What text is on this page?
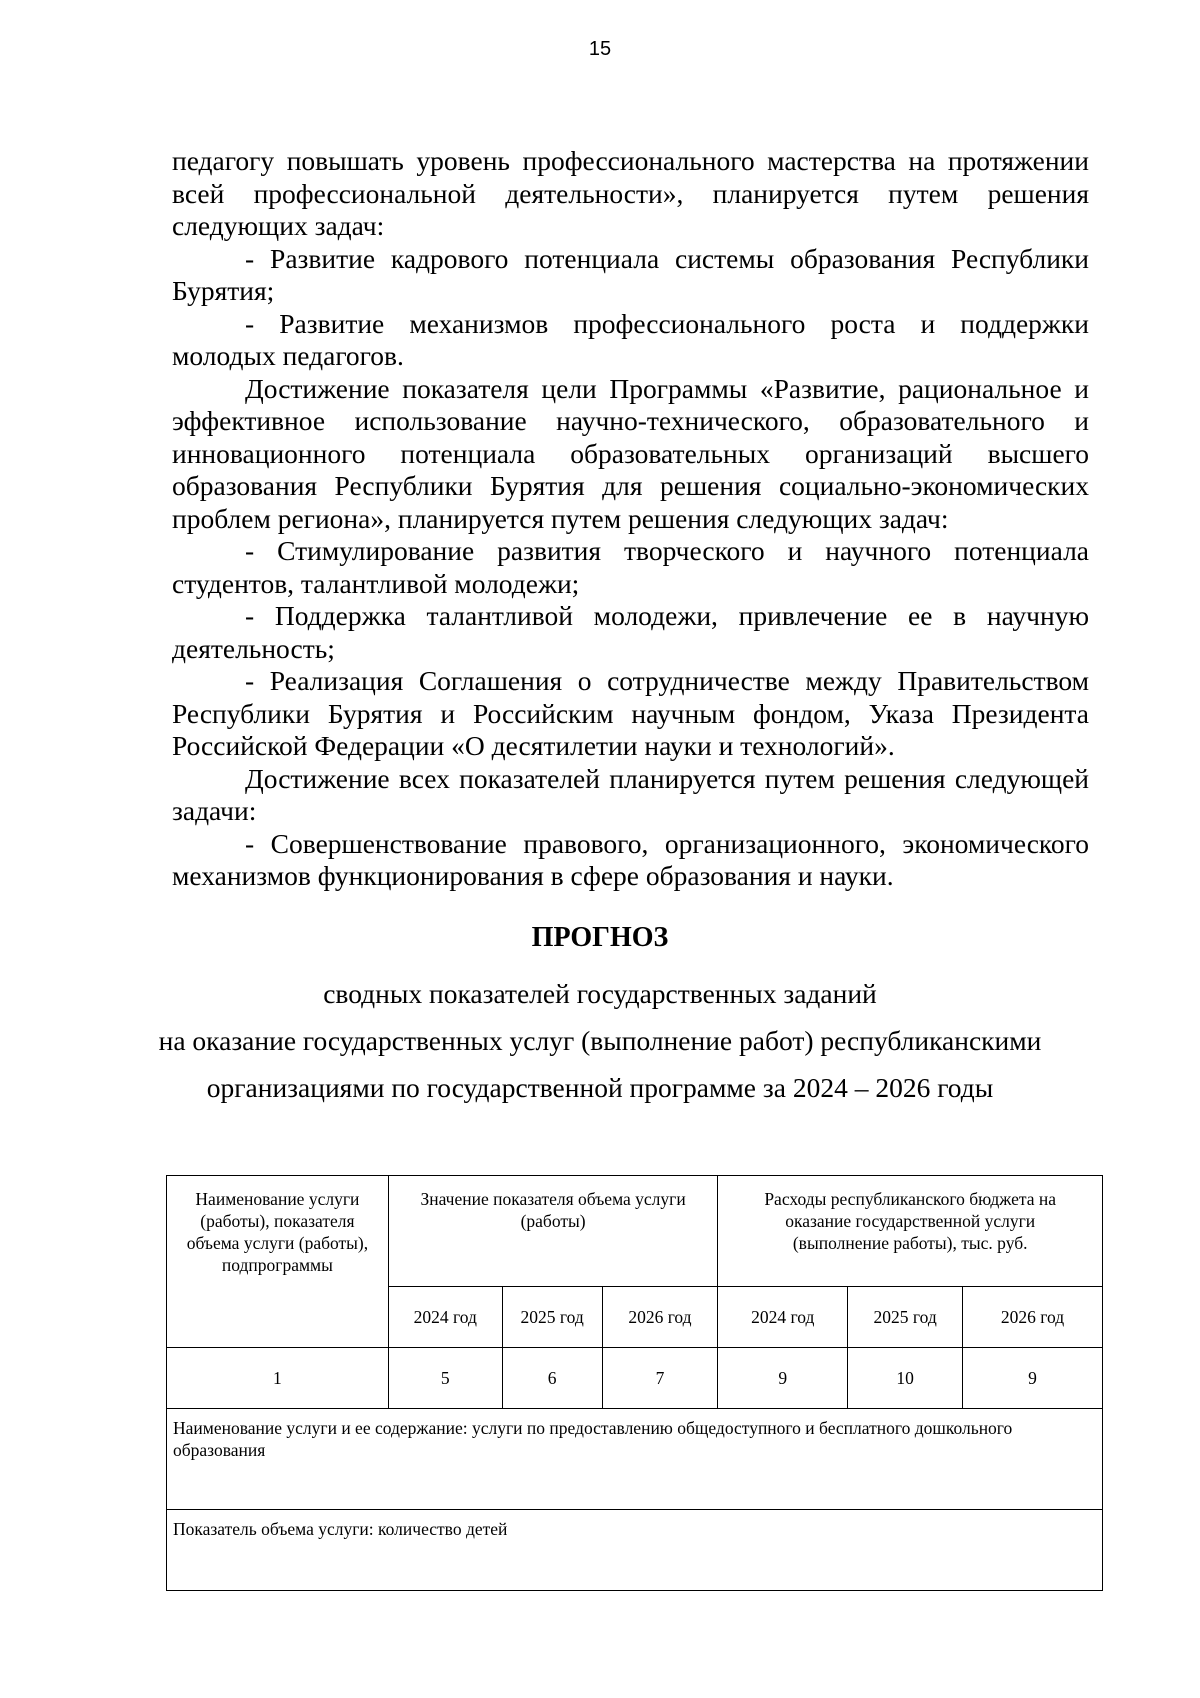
15

педагогу повышать уровень профессионального мастерства на протяжении всей профессиональной деятельности», планируется путем решения следующих задач:

- Развитие кадрового потенциала системы образования Республики Бурятия;

- Развитие механизмов профессионального роста и поддержки молодых педагогов.

Достижение показателя цели Программы «Развитие, рациональное и эффективное использование научно-технического, образовательного и инновационного потенциала образовательных организаций высшего образования Республики Бурятия для решения социально-экономических проблем региона», планируется путем решения следующих задач:

- Стимулирование развития творческого и научного потенциала студентов, талантливой молодежи;

- Поддержка талантливой молодежи, привлечение ее в научную деятельность;

- Реализация Соглашения о сотрудничестве между Правительством Республики Бурятия и Российским научным фондом, Указа Президента Российской Федерации «О десятилетии науки и технологий».

Достижение всех показателей планируется путем решения следующей задачи:

- Совершенствование правового, организационного, экономического механизмов функционирования в сфере образования и науки.

ПРОГНОЗ
сводных показателей государственных заданий
на оказание государственных услуг (выполнение работ) республиканскими
организациями по государственной программе за 2024 – 2026 годы
Наименование услуги (работы), показателя объема услуги (работы), подпрограммы	Значение показателя объема услуги (работы)			Расходы республиканского бюджета на оказание государственной услуги (выполнение работы), тыс. руб.		
	2024 год	2025 год	2026 год	2024 год	2025 год	2026 год
1	5	6	7	9	10	9
Наименование услуги и ее содержание: услуги по предоставлению общедоступного и бесплатного дошкольного образования						
Показатель объема услуги: количество детей						
